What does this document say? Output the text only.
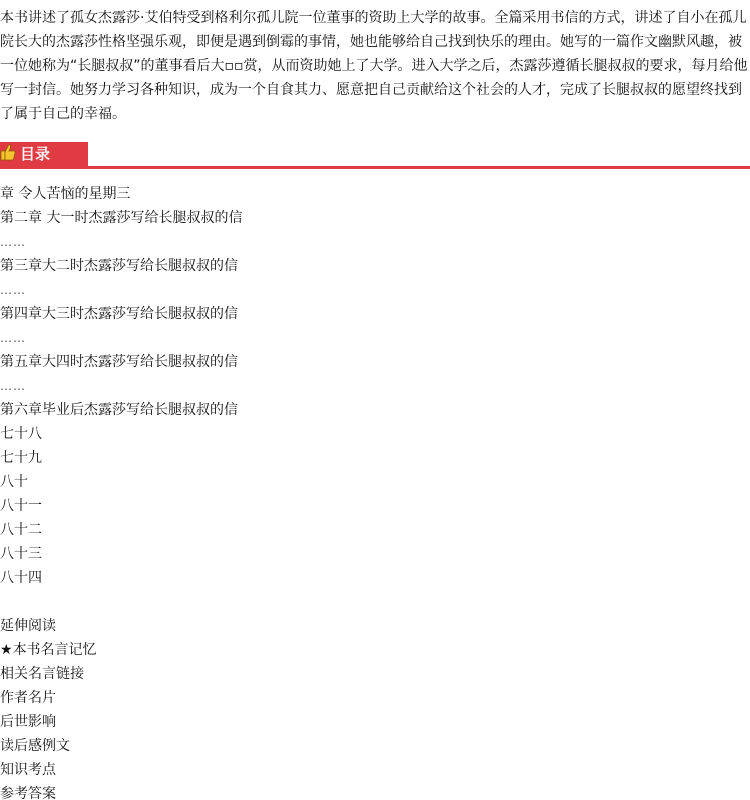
本书讲述了孤女杰露莎·艾伯特受到格利尔孤儿院一位董事的资助上大学的故事。全篇采用书信的方式，讲述了自小在孤儿院长大的杰露莎性格坚强乐观，即便是遇到倒霉的事情，她也能够给自己找到快乐的理由。她写的一篇作文幽默风趣，被一位她称为“长腿叔叔”的董事看后大▫▫赏，从而资助她上了大学。进入大学之后，杰露莎遵循长腿叔叔的要求，每月给他写一封信。她努力学习各种知识，成为一个自食其力、愿意把自己贡献给这个社会的人才，完成了长腿叔叔的愿望终找到了属于自己的幸福。

目录
章 令人苦恼的星期三
第二章 大一时杰露莎写给长腿叔叔的信
……
第三章大二时杰露莎写给长腿叔叔的信
……
第四章大三时杰露莎写给长腿叔叔的信
……
第五章大四时杰露莎写给长腿叔叔的信
……
第六章毕业后杰露莎写给长腿叔叔的信
七十八
七十九
八十
八十一
八十二
八十三
八十四
延伸阅读
★本书名言记忆
相关名言链接
作者名片
后世影响
读后感例文
知识考点
参考答案
